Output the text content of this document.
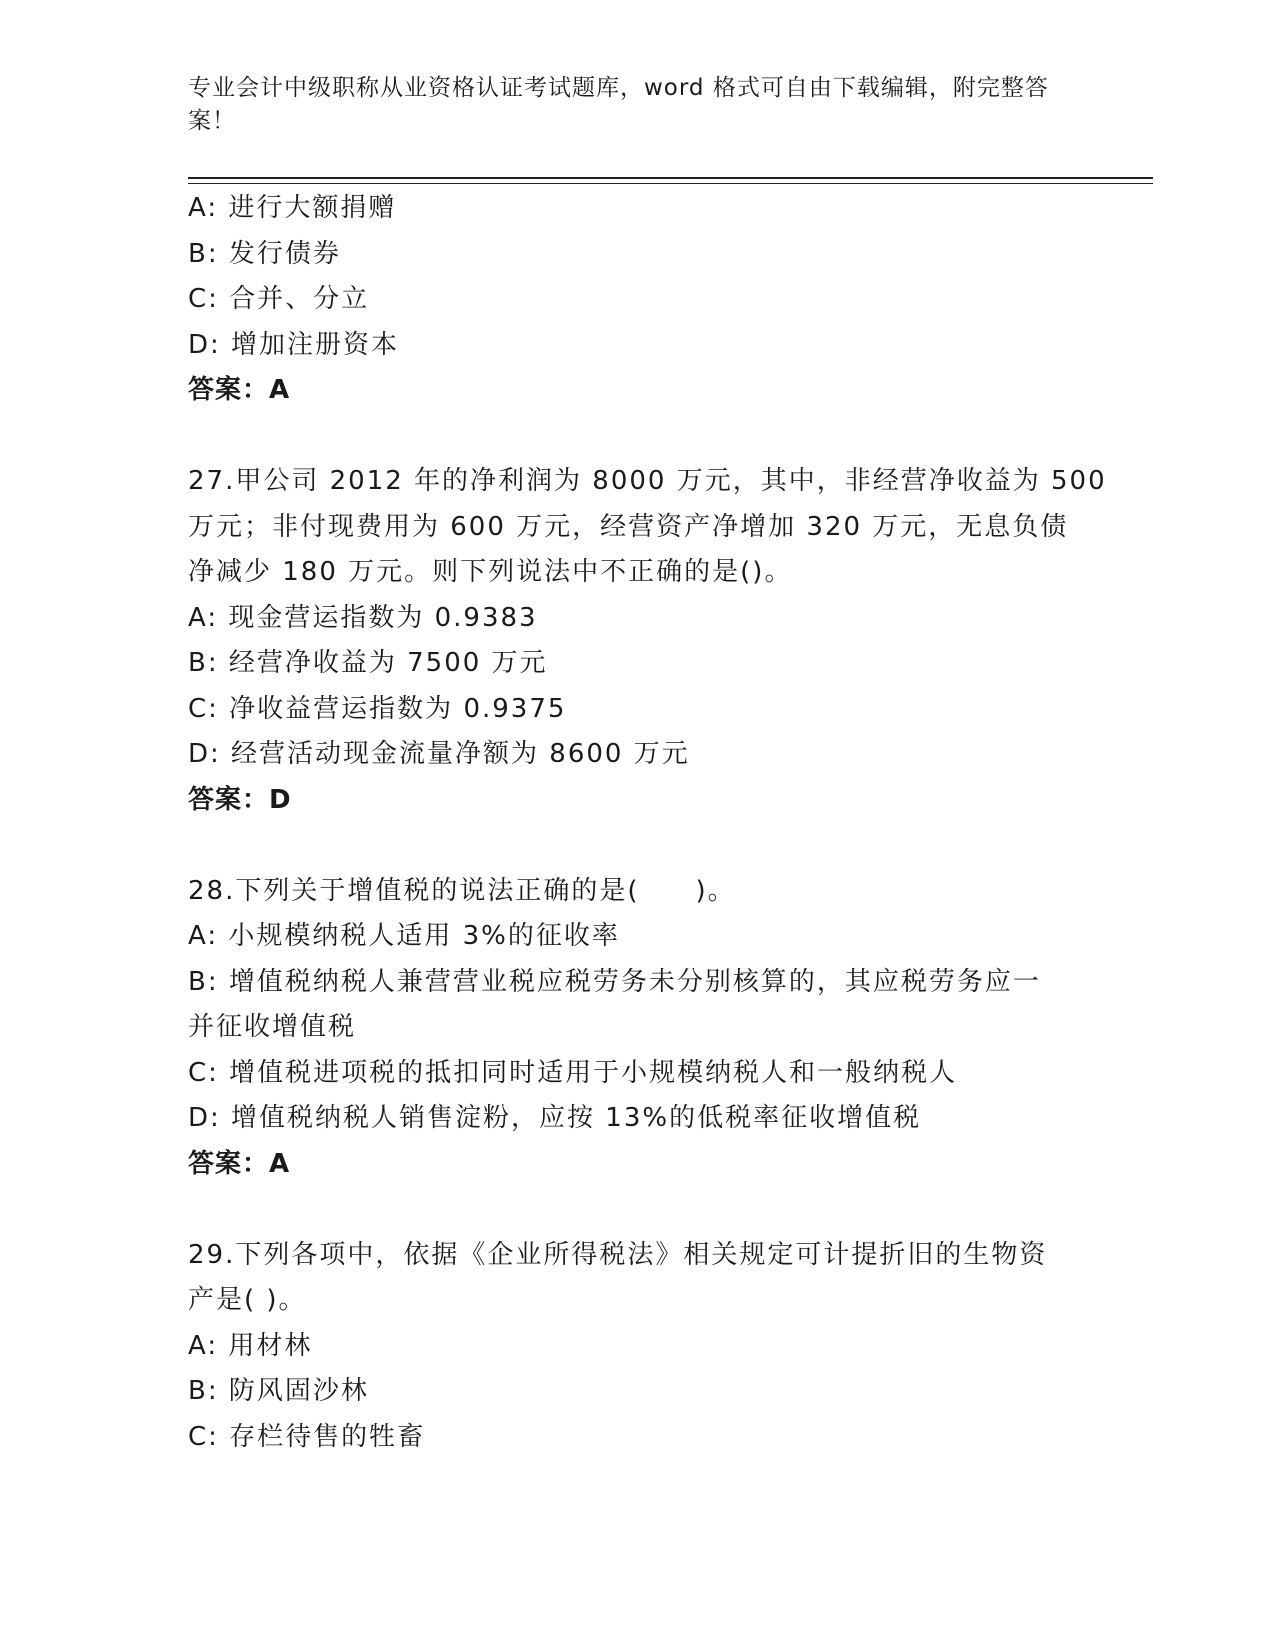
专业会计中级职称从业资格认证考试题库，word 格式可自由下载编辑，附完整答
案！
A: 进行大额捐赠
B: 发行债券
C: 合并、分立
D: 增加注册资本
答案：A
27.甲公司 2012 年的净利润为 8000 万元，其中，非经营净收益为 500
万元；非付现费用为 600 万元，经营资产净增加 320 万元，无息负债
净减少 180 万元。则下列说法中不正确的是()。
A: 现金营运指数为 0.9383
B: 经营净收益为 7500 万元
C: 净收益营运指数为 0.9375
D: 经营活动现金流量净额为 8600 万元
答案：D
28.下列关于增值税的说法正确的是(　　)。
A: 小规模纳税人适用 3%的征收率
B: 增值税纳税人兼营营业税应税劳务未分别核算的，其应税劳务应一
并征收增值税
C: 增值税进项税的抵扣同时适用于小规模纳税人和一般纳税人
D: 增值税纳税人销售淀粉，应按 13%的低税率征收增值税
答案：A
29.下列各项中，依据《企业所得税法》相关规定可计提折旧的生物资
产是( )。
A: 用材林
B: 防风固沙林
C: 存栏待售的牲畜
